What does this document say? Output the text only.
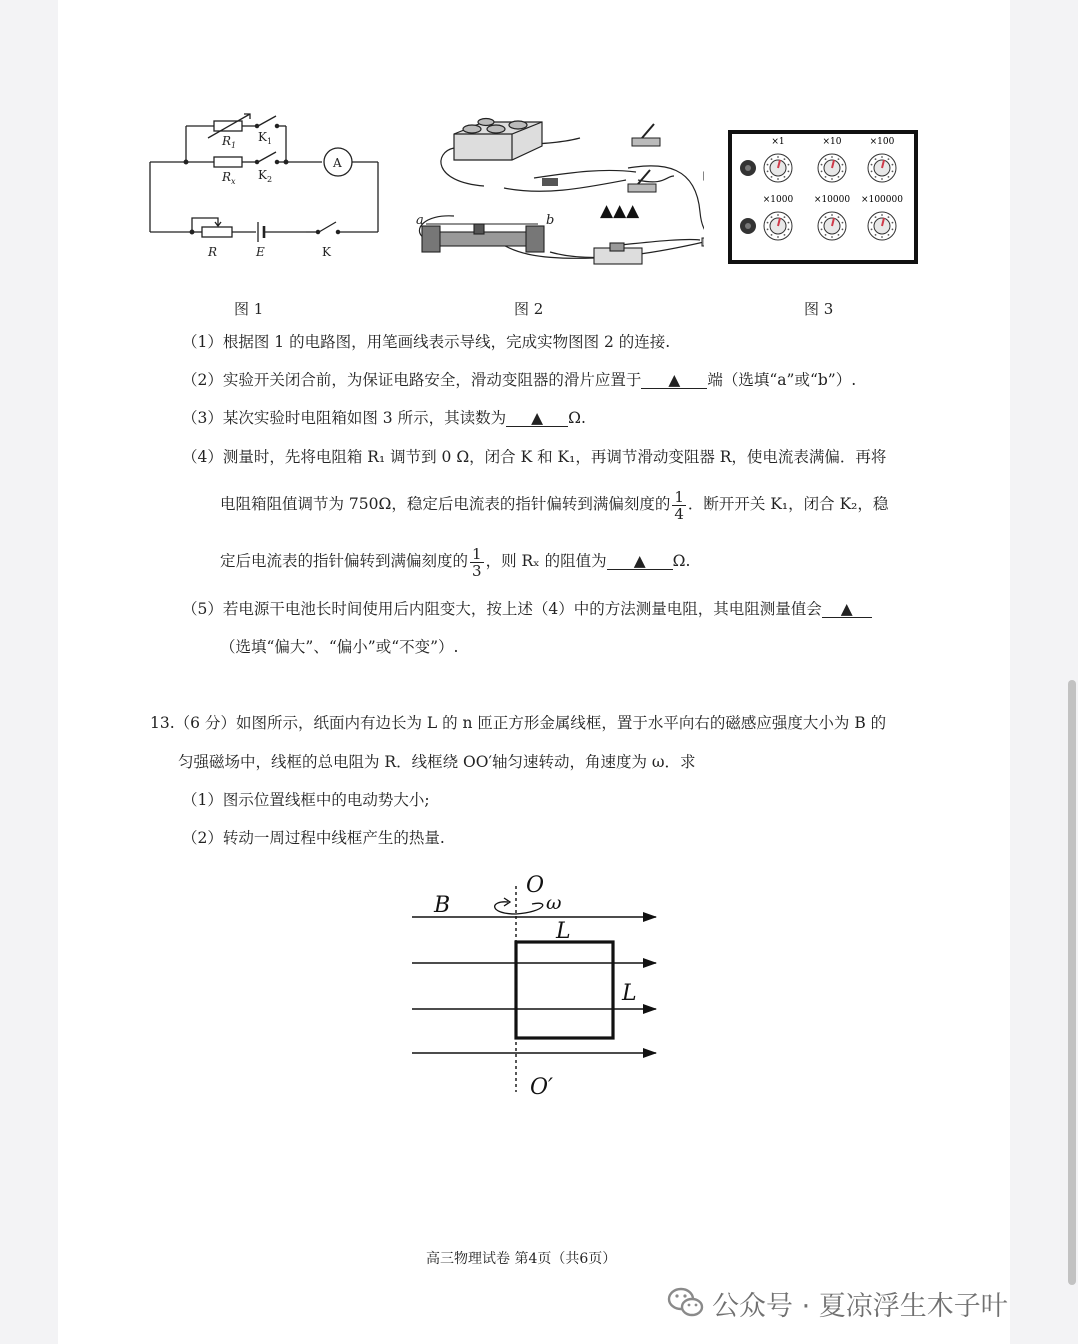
$R_1$
$K_1$
$R_x$ $K_2$
A
R	E	K
图 1
a	b	▲▲▲
图 2
×1	×10	×100
×1000 ×10000 ×100000
图 3
（1）根据图 1 的电路图，用笔画线表示导线，完成实物图图 2 的连接.
（2）实验开关闭合前，为保证电路安全，滑动变阻器的滑片应置于 ▲ 端（选填“a”或“b”）.
（3）某次实验时电阻箱如图 3 所示，其读数为 ▲ Ω.
（4）测量时，先将电阻箱 R₁ 调节到 0 Ω，闭合 K 和 K₁，再调节滑动变阻器 R，使电流表满偏．再将
电阻箱阻值调节为 750Ω，稳定后电流表的指针偏转到满偏刻度的 $\frac{1}{4}$ ．断开开关 K₁，闭合 K₂，稳
定后电流表的指针偏转到满偏刻度的 $\frac{1}{3}$ ，则 Rₓ 的阻值为 ▲ Ω.
（5）若电源干电池长时间使用后内阻变大，按上述（4）中的方法测量电阻，其电阻测量值会 ▲
（选填“偏大”、“偏小”或“不变”）.
13.（6 分）如图所示，纸面内有边长为 L 的 n 匝正方形金属线框，置于水平向右的磁感应强度大小为 B 的
匀强磁场中，线框的总电阻为 R．线框绕 OO′轴匀速转动，角速度为 ω．求
（1）图示位置线框中的电动势大小;
（2）转动一周过程中线框产生的热量.
B
O
ω
L
L
O′
高三物理试卷 第4页（共6页）
公众号 · 夏凉浮生木子叶
